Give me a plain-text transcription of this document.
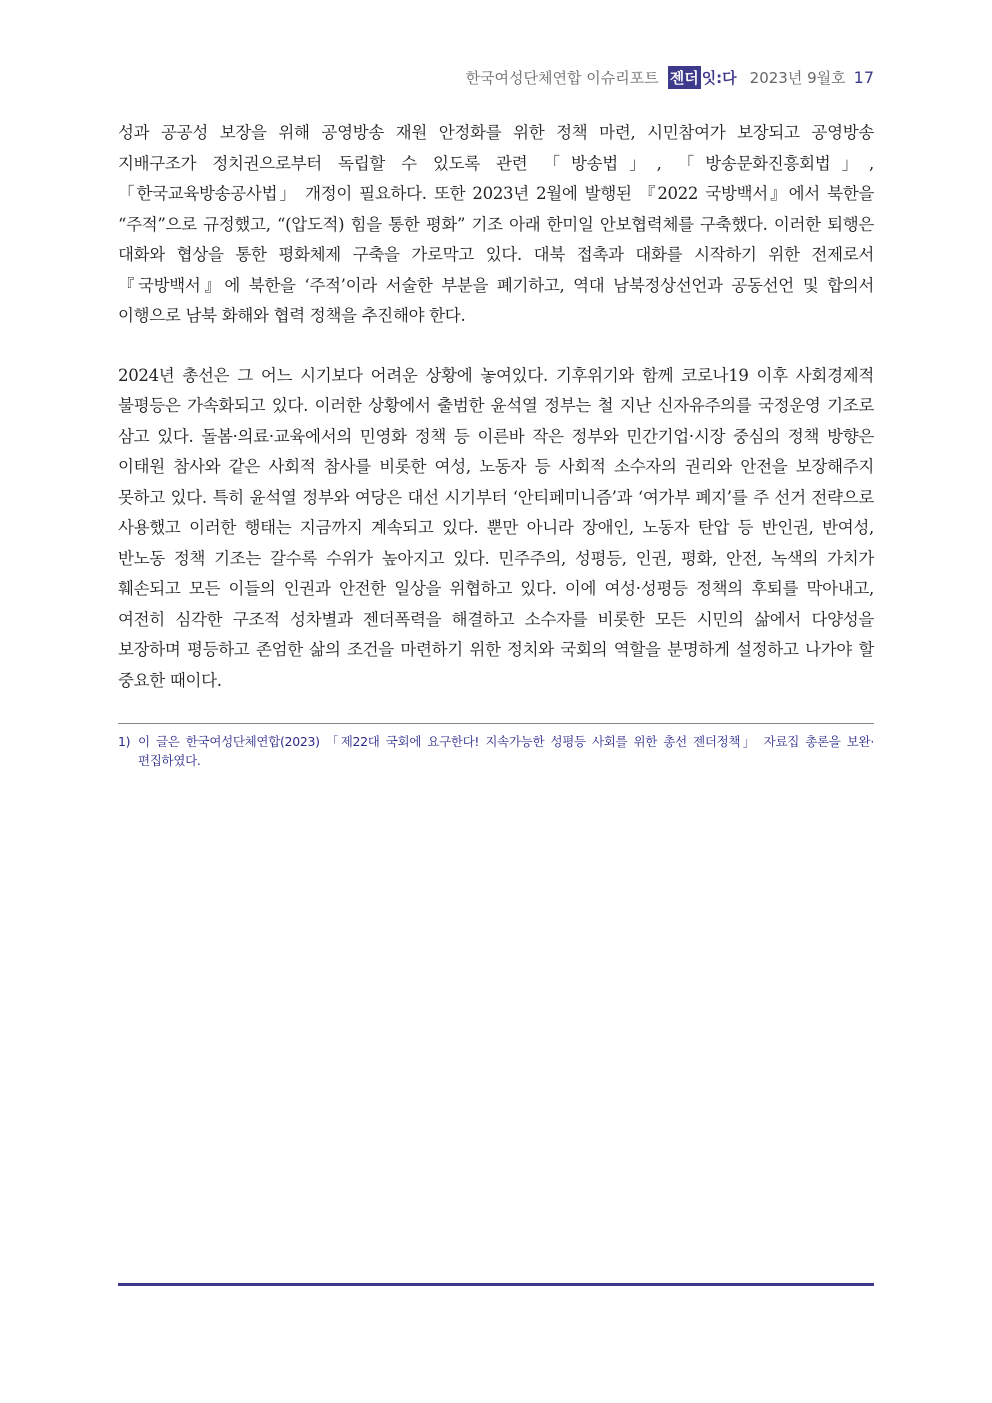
한국여성단체연합 이슈리포트 젠더 잇:다 2023년 9월호 17

성과 공공성 보장을 위해 공영방송 재원 안정화를 위한 정책 마련, 시민참여가 보장되고 공영방송 지배구조가 정치권으로부터 독립할 수 있도록 관련 「방송법」, 「방송문화진흥회법」, 「한국교육방송공사법」 개정이 필요하다. 또한 2023년 2월에 발행된 『2022 국방백서』에서 북한을 “주적”으로 규정했고, “(압도적) 힘을 통한 평화” 기조 아래 한미일 안보협력체를 구축했다. 이러한 퇴행은 대화와 협상을 통한 평화체제 구축을 가로막고 있다. 대북 접촉과 대화를 시작하기 위한 전제로서 『국방백서』에 북한을 ‘주적’이라 서술한 부분을 폐기하고, 역대 남북정상선언과 공동선언 및 합의서 이행으로 남북 화해와 협력 정책을 추진해야 한다.

2024년 총선은 그 어느 시기보다 어려운 상황에 놓여있다. 기후위기와 함께 코로나19 이후 사회경제적 불평등은 가속화되고 있다. 이러한 상황에서 출범한 윤석열 정부는 철 지난 신자유주의를 국정운영 기조로 삼고 있다. 돌봄·의료·교육에서의 민영화 정책 등 이른바 작은 정부와 민간기업·시장 중심의 정책 방향은 이태원 참사와 같은 사회적 참사를 비롯한 여성, 노동자 등 사회적 소수자의 권리와 안전을 보장해주지 못하고 있다. 특히 윤석열 정부와 여당은 대선 시기부터 ‘안티페미니즘’과 ‘여가부 폐지’를 주 선거 전략으로 사용했고 이러한 행태는 지금까지 계속되고 있다. 뿐만 아니라 장애인, 노동자 탄압 등 반인권, 반여성, 반노동 정책 기조는 갈수록 수위가 높아지고 있다. 민주주의, 성평등, 인권, 평화, 안전, 녹색의 가치가 훼손되고 모든 이들의 인권과 안전한 일상을 위협하고 있다. 이에 여성·성평등 정책의 후퇴를 막아내고, 여전히 심각한 구조적 성차별과 젠더폭력을 해결하고 소수자를 비롯한 모든 시민의 삶에서 다양성을 보장하며 평등하고 존엄한 삶의 조건을 마련하기 위한 정치와 국회의 역할을 분명하게 설정하고 나가야 할 중요한 때이다.

1) 이 글은 한국여성단체연합(2023) 「제22대 국회에 요구한다! 지속가능한 성평등 사회를 위한 총선 젠더정책」 자료집 총론을 보완·편집하였다.
